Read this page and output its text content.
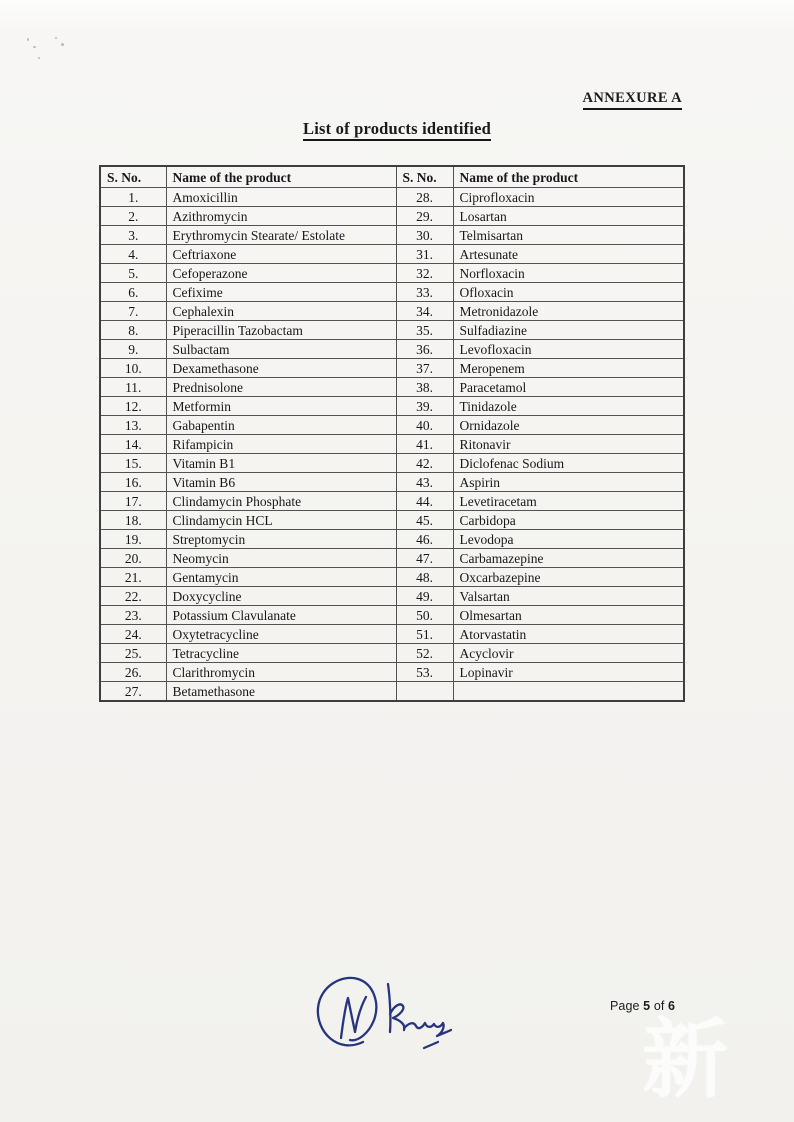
ANNEXURE A
List of products identified
S. No.	Name of the product	S. No.	Name of the product
1.	Amoxicillin	28.	Ciprofloxacin
2.	Azithromycin	29.	Losartan
3.	Erythromycin Stearate/ Estolate	30.	Telmisartan
4.	Ceftriaxone	31.	Artesunate
5.	Cefoperazone	32.	Norfloxacin
6.	Cefixime	33.	Ofloxacin
7.	Cephalexin	34.	Metronidazole
8.	Piperacillin Tazobactam	35.	Sulfadiazine
9.	Sulbactam	36.	Levofloxacin
10.	Dexamethasone	37.	Meropenem
11.	Prednisolone	38.	Paracetamol
12.	Metformin	39.	Tinidazole
13.	Gabapentin	40.	Ornidazole
14.	Rifampicin	41.	Ritonavir
15.	Vitamin B1	42.	Diclofenac Sodium
16.	Vitamin B6	43.	Aspirin
17.	Clindamycin Phosphate	44.	Levetiracetam
18.	Clindamycin HCL	45.	Carbidopa
19.	Streptomycin	46.	Levodopa
20.	Neomycin	47.	Carbamazepine
21.	Gentamycin	48.	Oxcarbazepine
22.	Doxycycline	49.	Valsartan
23.	Potassium Clavulanate	50.	Olmesartan
24.	Oxytetracycline	51.	Atorvastatin
25.	Tetracycline	52.	Acyclovir
26.	Clarithromycin	53.	Lopinavir
27.	Betamethasone		
Page 5 of 6
新
